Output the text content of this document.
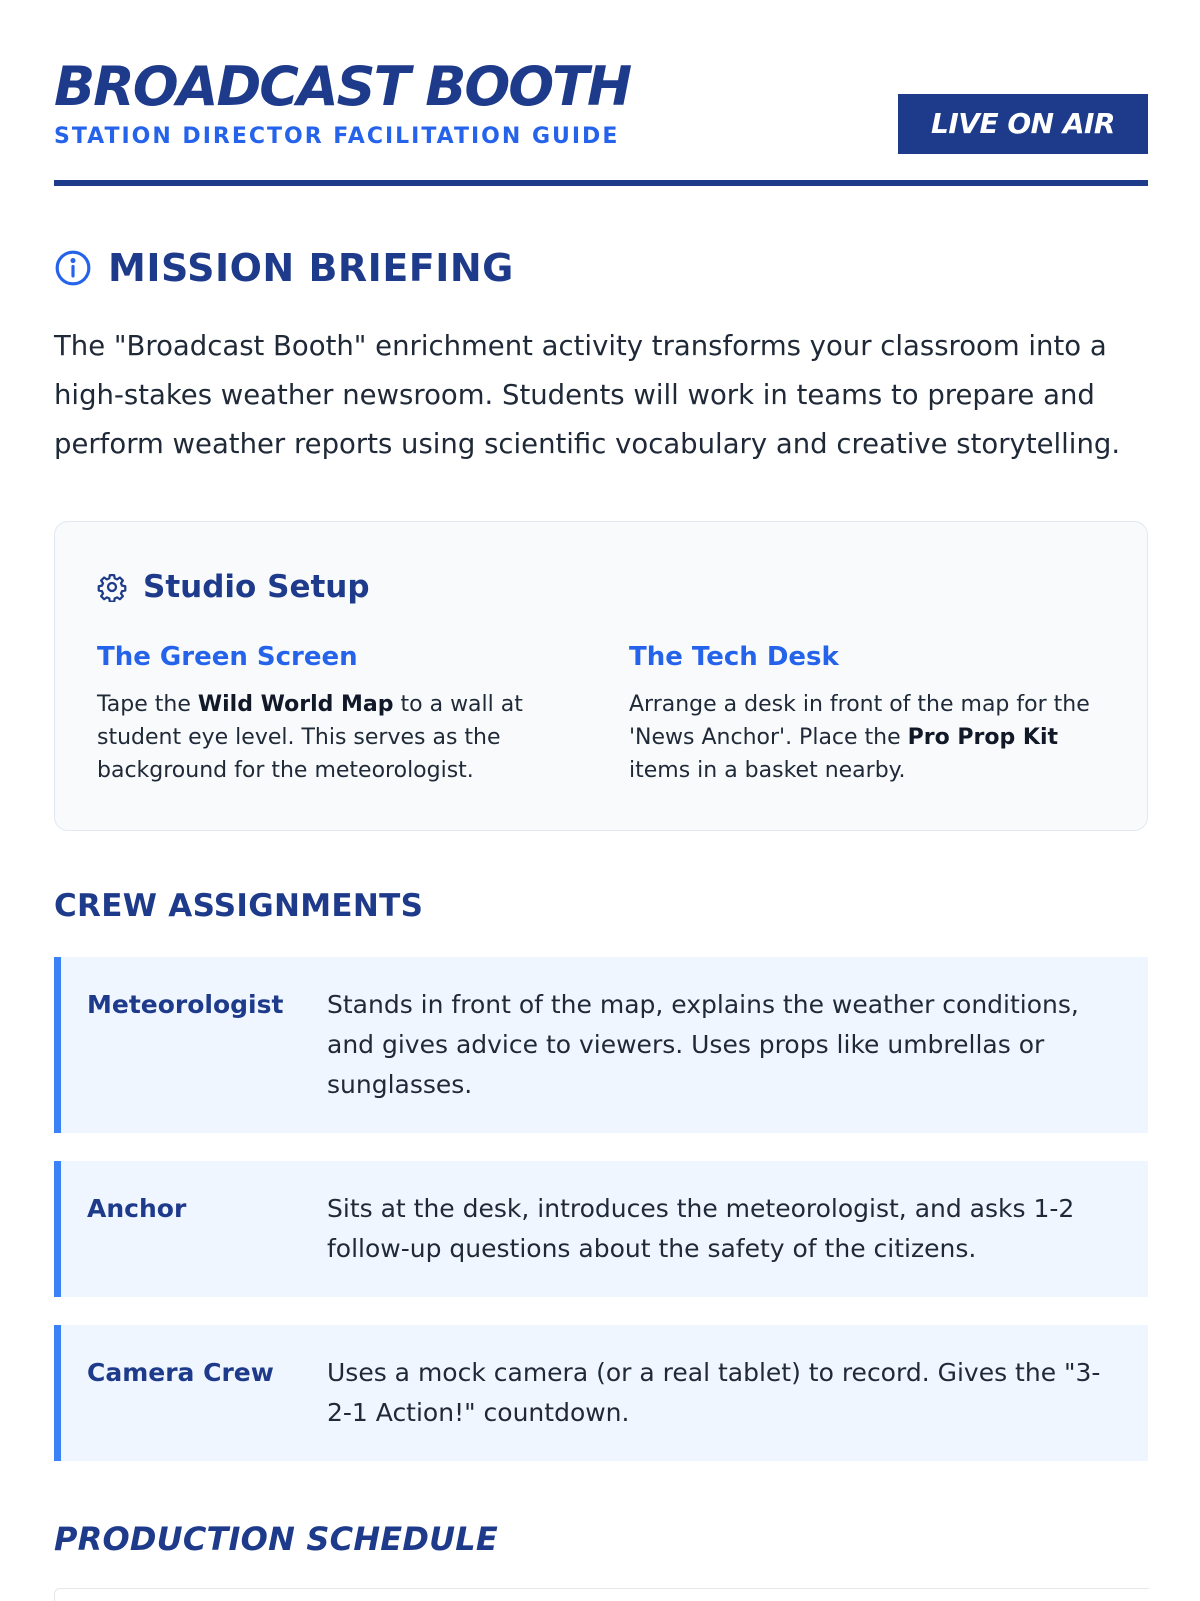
BROADCAST BOOTH
STATION DIRECTOR FACILITATION GUIDE	LIVE ON AIR
MISSION BRIEFING

The "Broadcast Booth" enrichment activity transforms your classroom into a high-stakes weather newsroom. Students will work in teams to prepare and perform weather reports using scientific vocabulary and creative storytelling.

Studio Setup
The Green Screen

Tape the Wild World Map to a wall at student eye level. This serves as the background for the meteorologist.

The Tech Desk

Arrange a desk in front of the map for the 'News Anchor'. Place the Pro Prop Kit items in a basket nearby.

CREW ASSIGNMENTS
Meteorologist	Stands in front of the map, explains the weather conditions, and gives advice to viewers. Uses props like umbrellas or sunglasses.
Anchor	Sits at the desk, introduces the meteorologist, and asks 1-2 follow-up questions about the safety of the citizens.
Camera Crew	Uses a mock camera (or a real tablet) to record. Gives the "3-2-1 Action!" countdown.
PRODUCTION SCHEDULE
